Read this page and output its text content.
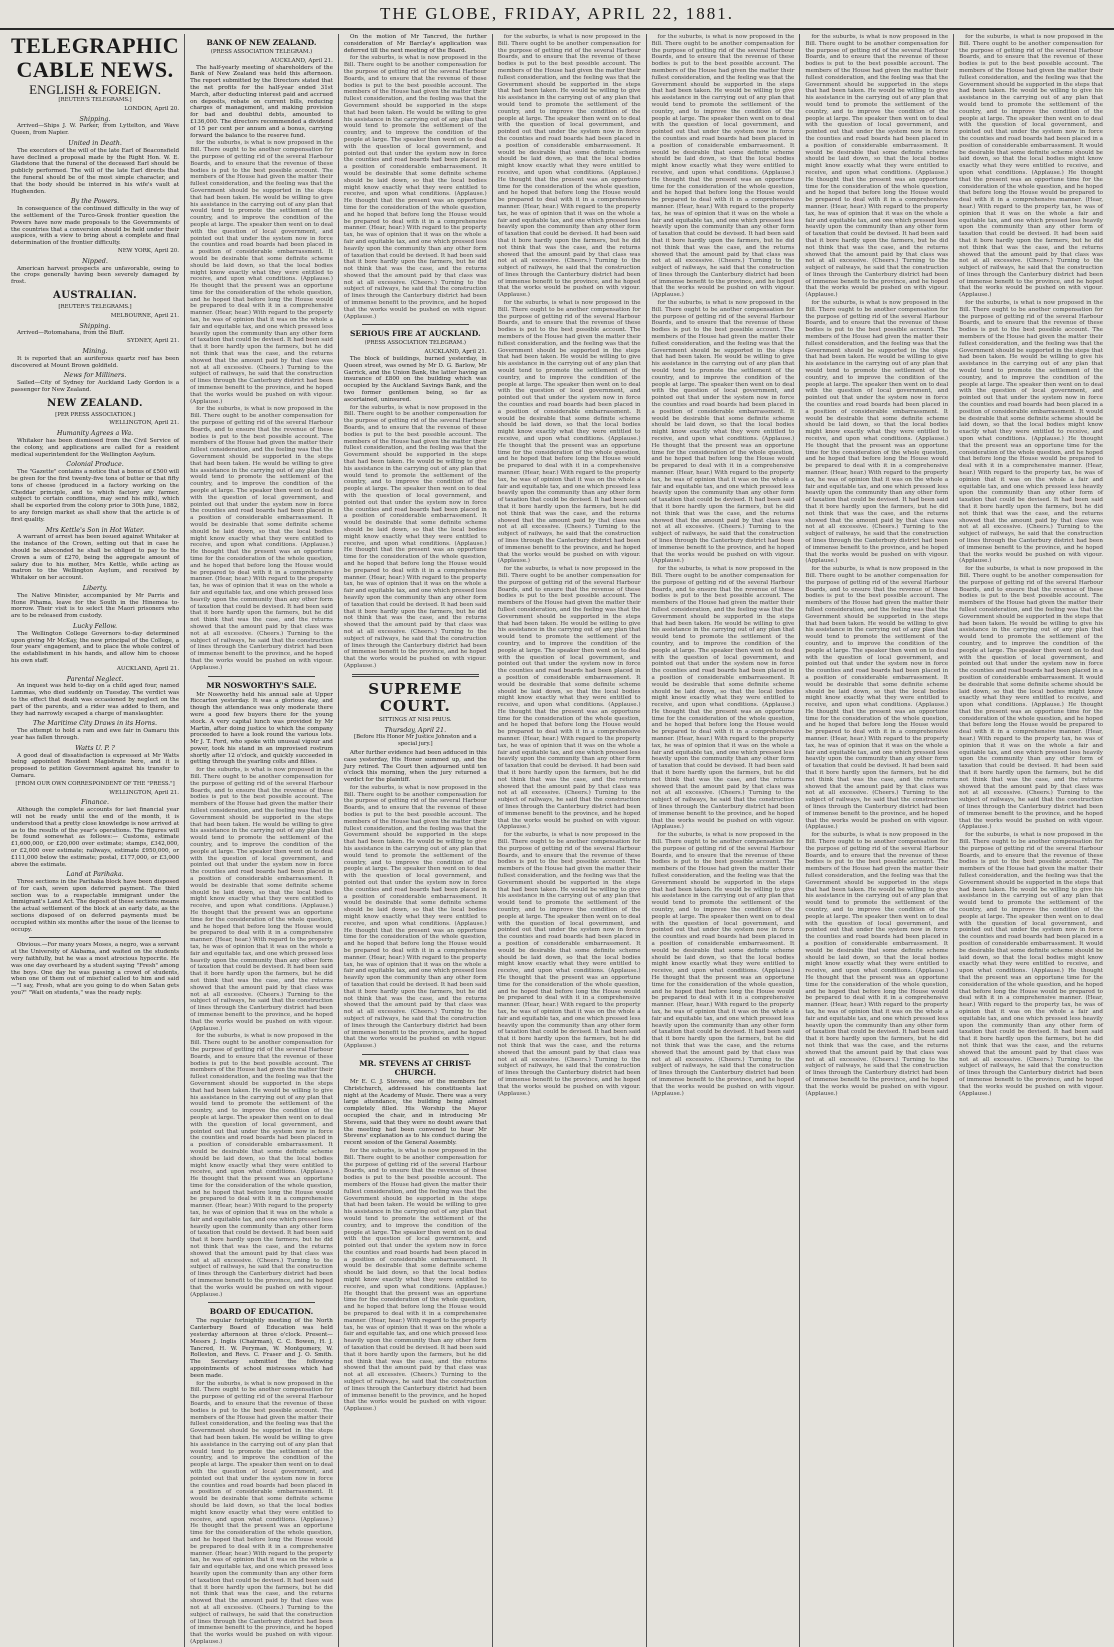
THE GLOBE, FRIDAY, APRIL 22, 1881.
TELEGRAPHIC
CABLE NEWS.
ENGLISH & FOREIGN.
[REUTER'S TELEGRAMS.]
LONDON, April 20.
Shipping.

Arrived—Ships J. W. Parker, from Lyttelton, and Wave Queen, from Napier.

United in Death.

The executors of the will of the late Earl of Beaconsfield have declined a proposal made by the Right Hon. W. E. Gladstone that the funeral of the deceased Earl should be publicly performed. The will of the late Earl directs that the funeral should be of the most simple character, and that the body should be interred in his wife's vault at Hughenden.

By the Powers.

In consequence of the continued difficulty in the way of the settlement of the Turco-Greek frontier question the Powers have now made proposals to the Governments of the countries that a conversion should be held under their auspices, with a view to bring about a complete and final determination of the frontier difficulty.

NEW YORK, April 20.
Nipped.

American harvest prospects are unfavorable, owing to the crops generally having been severely damaged by frost.

AUSTRALIAN.
[REUTER'S TELEGRAMS.]
MELBOURNE, April 21.
Shipping.

Arrived—Rotomahana, from the Bluff.

SYDNEY, April 21.
Mining.

It is reported that an auriferous quartz reef has been discovered at Mount Brown goldfield.

News for Milliners.

Sailed—City of Sydney for Auckland Lady Gordon is a passenger for New Zealand.

NEW ZEALAND.
[PER PRESS ASSOCIATION.]
WELLINGTON, April 21.
Humanity Agrees a Wa.

Whitaker has been dismissed from the Civil Service of the colony, and applications are called for a resident medical superintendent for the Wellington Asylum.

Colonial Produce.

The "Gazette" contains a notice that a bonus of £500 will be given for the first twenty-five tons of butter or that fifty tons of cheese (produced in a factory working on the Cheddar principle, and to which factory any farmer, subject to certain conditions, may send his milk), which shall be exported from the colony prior to 30th June, 1882, to any foreign market as shall show that the article is of first quality.

Mrs Kettle's Son in Hot Water.

A warrant of arrest has been issued against Whitaker at the instance of the Crown, setting out that in case he should be absconded he shall be obliged to pay to the Crown a sum of £270, being the aggregate amount of salary due to his mother, Mrs Kettle, while acting as matron to the Wellington Asylum, and received by Whitaker on her account.

Liberty.

The Native Minister, accompanied by Mr Parris and Hone Pihama, leave for the South in the Hinemoa to-morrow. Their visit is to select the Maori prisoners who are to be released from custody.

Lucky Fellow.

The Wellington College Governors to-day determined upon giving Mr McKay, the new principal of the College, a four years' engagement, and to place the whole control of the establishment in his hands, and allow him to choose his own staff.

AUCKLAND, April 21.
Parental Neglect.

An inquest was held to-day on a child aged four, named Lammas, who died suddenly on Tuesday. The verdict was to the effect that death was occasioned by neglect on the part of the parents, and a rider was added to them, and they had narrowly escaped a charge of manslaughter.

The Maritime City Draws in its Horns.

The attempt to hold a ram and ewe fair in Oamaru this year has fallen through.

Watts U. P. ?

A good deal of dissatisfaction is expressed at Mr Watts being appointed Resident Magistrate here, and it is proposed to petition Government against his transfer to Oamaru.

[FROM OUR OWN CORRESPONDENT OF THE "PRESS."]
WELLINGTON, April 21.
Finance.

Although the complete accounts for last financial year will not be ready until the end of the month, it is understood that a pretty close knowledge is now arrived at as to the results of the year's operations. The figures will be found somewhat as follows:— Customs, estimate £1,600,000, or £20,000 over estimate; stamps, £342,000, or £2,000 over estimate; railways, estimate £950,000, or £111,000 below the estimate; postal, £177,000, or £3,000 above the estimate.

Land at Parihaka.

Three sections in the Parihaka block have been disposed of for cash, seven upon deferred payment. The third section was to a respectable immigrant under the Immigrant's Land Act. The deposit of these sections means the actual settlement of the block at an early date, as the sections disposed of on deferred payments must be occupied within six months after the issue of the license to occupy.

Obvious.—For many years Moses, a negro, was a servant at the University of Alabama, and waited on the students very faithfully, but he was a most atrocious hypocrite. He was one day overheard by a student saying "Fresh" among the boys. One day he was passing a crowd of students, when one of them out of mischief called to him and said—"I say, Fresh, what are you going to do when Satan gets you?" "Wait on students," was the ready reply.

BANK OF NEW ZEALAND.
(PRESS ASSOCIATION TELEGRAM.)
AUCKLAND, April 21.

The half-yearly meeting of shareholders of the Bank of New Zealand was held this afternoon. The report submitted by the Directors stated that the net profits for the half-year ended 31st March, after deducting interest paid and accrued on deposits, rebate on current bills, reducing charges of management, and making provision for bad and doubtful debts, amounted to £136,000. The directors recommended a dividend of 15 per cent per annum and a bonus, carrying forward the balance to the reserve fund.

for the suburbs, is what is now proposed in the Bill. There ought to be another compensation for the purpose of getting rid of the several Harbour Boards, and to ensure that the revenue of these bodies is put to the best possible account. The members of the House had given the matter their fullest consideration, and the feeling was that the Government should be supported in the steps that had been taken. He would be willing to give his assistance in the carrying out of any plan that would tend to promote the settlement of the country, and to improve the condition of the people at large. The speaker then went on to deal with the question of local government, and pointed out that under the system now in force the counties and road boards had been placed in a position of considerable embarrassment. It would be desirable that some definite scheme should be laid down, so that the local bodies might know exactly what they were entitled to receive, and upon what conditions. (Applause.) He thought that the present was an opportune time for the consideration of the whole question, and he hoped that before long the House would be prepared to deal with it in a comprehensive manner. (Hear, hear.) With regard to the property tax, he was of opinion that it was on the whole a fair and equitable tax, and one which pressed less heavily upon the community than any other form of taxation that could be devised. It had been said that it bore hardly upon the farmers, but he did not think that was the case, and the returns showed that the amount paid by that class was not at all excessive. (Cheers.) Turning to the subject of railways, he said that the construction of lines through the Canterbury district had been of immense benefit to the province, and he hoped that the works would be pushed on with vigour. (Applause.)

for the suburbs, is what is now proposed in the Bill. There ought to be another compensation for the purpose of getting rid of the several Harbour Boards, and to ensure that the revenue of these bodies is put to the best possible account. The members of the House had given the matter their fullest consideration, and the feeling was that the Government should be supported in the steps that had been taken. He would be willing to give his assistance in the carrying out of any plan that would tend to promote the settlement of the country, and to improve the condition of the people at large. The speaker then went on to deal with the question of local government, and pointed out that under the system now in force the counties and road boards had been placed in a position of considerable embarrassment. It would be desirable that some definite scheme should be laid down, so that the local bodies might know exactly what they were entitled to receive, and upon what conditions. (Applause.) He thought that the present was an opportune time for the consideration of the whole question, and he hoped that before long the House would be prepared to deal with it in a comprehensive manner. (Hear, hear.) With regard to the property tax, he was of opinion that it was on the whole a fair and equitable tax, and one which pressed less heavily upon the community than any other form of taxation that could be devised. It had been said that it bore hardly upon the farmers, but he did not think that was the case, and the returns showed that the amount paid by that class was not at all excessive. (Cheers.) Turning to the subject of railways, he said that the construction of lines through the Canterbury district had been of immense benefit to the province, and he hoped that the works would be pushed on with vigour. (Applause.)

MR NOSWORTHY'S SALE.

Mr Nosworthy held his annual sale at Upper Riccarton yesterday. It was a glorious day, and though the attendance was only moderate there were a good few buyers there for the young stock. A very capital lunch was provided by Mr Martin, after doing justice to which the company proceeded to have a look round the various lots. Mr J. T. Ford, who spoke with unusual vigour and power, took his stand in an improvised rostrum shortly after 12 o'clock, and quickly succeeded in getting through the yearling colts and fillies.

for the suburbs, is what is now proposed in the Bill. There ought to be another compensation for the purpose of getting rid of the several Harbour Boards, and to ensure that the revenue of these bodies is put to the best possible account. The members of the House had given the matter their fullest consideration, and the feeling was that the Government should be supported in the steps that had been taken. He would be willing to give his assistance in the carrying out of any plan that would tend to promote the settlement of the country, and to improve the condition of the people at large. The speaker then went on to deal with the question of local government, and pointed out that under the system now in force the counties and road boards had been placed in a position of considerable embarrassment. It would be desirable that some definite scheme should be laid down, so that the local bodies might know exactly what they were entitled to receive, and upon what conditions. (Applause.) He thought that the present was an opportune time for the consideration of the whole question, and he hoped that before long the House would be prepared to deal with it in a comprehensive manner. (Hear, hear.) With regard to the property tax, he was of opinion that it was on the whole a fair and equitable tax, and one which pressed less heavily upon the community than any other form of taxation that could be devised. It had been said that it bore hardly upon the farmers, but he did not think that was the case, and the returns showed that the amount paid by that class was not at all excessive. (Cheers.) Turning to the subject of railways, he said that the construction of lines through the Canterbury district had been of immense benefit to the province, and he hoped that the works would be pushed on with vigour. (Applause.)

for the suburbs, is what is now proposed in the Bill. There ought to be another compensation for the purpose of getting rid of the several Harbour Boards, and to ensure that the revenue of these bodies is put to the best possible account. The members of the House had given the matter their fullest consideration, and the feeling was that the Government should be supported in the steps that had been taken. He would be willing to give his assistance in the carrying out of any plan that would tend to promote the settlement of the country, and to improve the condition of the people at large. The speaker then went on to deal with the question of local government, and pointed out that under the system now in force the counties and road boards had been placed in a position of considerable embarrassment. It would be desirable that some definite scheme should be laid down, so that the local bodies might know exactly what they were entitled to receive, and upon what conditions. (Applause.) He thought that the present was an opportune time for the consideration of the whole question, and he hoped that before long the House would be prepared to deal with it in a comprehensive manner. (Hear, hear.) With regard to the property tax, he was of opinion that it was on the whole a fair and equitable tax, and one which pressed less heavily upon the community than any other form of taxation that could be devised. It had been said that it bore hardly upon the farmers, but he did not think that was the case, and the returns showed that the amount paid by that class was not at all excessive. (Cheers.) Turning to the subject of railways, he said that the construction of lines through the Canterbury district had been of immense benefit to the province, and he hoped that the works would be pushed on with vigour. (Applause.)

BOARD OF EDUCATION.

The regular fortnightly meeting of the North Canterbury Board of Education was held yesterday afternoon at three o'clock. Present—Messrs J. Inglis (Chairman), C. C. Bowen, H. J. Tancred, H. W. Peryman, W. Montgomery, W. Rolleston, and Revs. C. Fraser and J. O. Smith. The Secretary submitted the following appointments of school mistresses which had been made.

for the suburbs, is what is now proposed in the Bill. There ought to be another compensation for the purpose of getting rid of the several Harbour Boards, and to ensure that the revenue of these bodies is put to the best possible account. The members of the House had given the matter their fullest consideration, and the feeling was that the Government should be supported in the steps that had been taken. He would be willing to give his assistance in the carrying out of any plan that would tend to promote the settlement of the country, and to improve the condition of the people at large. The speaker then went on to deal with the question of local government, and pointed out that under the system now in force the counties and road boards had been placed in a position of considerable embarrassment. It would be desirable that some definite scheme should be laid down, so that the local bodies might know exactly what they were entitled to receive, and upon what conditions. (Applause.) He thought that the present was an opportune time for the consideration of the whole question, and he hoped that before long the House would be prepared to deal with it in a comprehensive manner. (Hear, hear.) With regard to the property tax, he was of opinion that it was on the whole a fair and equitable tax, and one which pressed less heavily upon the community than any other form of taxation that could be devised. It had been said that it bore hardly upon the farmers, but he did not think that was the case, and the returns showed that the amount paid by that class was not at all excessive. (Cheers.) Turning to the subject of railways, he said that the construction of lines through the Canterbury district had been of immense benefit to the province, and he hoped that the works would be pushed on with vigour. (Applause.)

On the motion of Mr Tancred, the further consideration of Mr Barclay's application was deferred till the next meeting of the Board.

for the suburbs, is what is now proposed in the Bill. There ought to be another compensation for the purpose of getting rid of the several Harbour Boards, and to ensure that the revenue of these bodies is put to the best possible account. The members of the House had given the matter their fullest consideration, and the feeling was that the Government should be supported in the steps that had been taken. He would be willing to give his assistance in the carrying out of any plan that would tend to promote the settlement of the country, and to improve the condition of the people at large. The speaker then went on to deal with the question of local government, and pointed out that under the system now in force the counties and road boards had been placed in a position of considerable embarrassment. It would be desirable that some definite scheme should be laid down, so that the local bodies might know exactly what they were entitled to receive, and upon what conditions. (Applause.) He thought that the present was an opportune time for the consideration of the whole question, and he hoped that before long the House would be prepared to deal with it in a comprehensive manner. (Hear, hear.) With regard to the property tax, he was of opinion that it was on the whole a fair and equitable tax, and one which pressed less heavily upon the community than any other form of taxation that could be devised. It had been said that it bore hardly upon the farmers, but he did not think that was the case, and the returns showed that the amount paid by that class was not at all excessive. (Cheers.) Turning to the subject of railways, he said that the construction of lines through the Canterbury district had been of immense benefit to the province, and he hoped that the works would be pushed on with vigour. (Applause.)

SERIOUS FIRE AT AUCKLAND.
(PRESS ASSOCIATION TELEGRAM.)
AUCKLAND, April 21.

The block of buildings, burned yesterday, in Queen street, was owned by Mr D. G. Barlow, Mr Garrick, and the Union Bank, the latter having an insurance of £800 on the building which was occupied by the Auckland Savings Bank, and the two former gentlemen being, so far as ascertained, uninsured.

for the suburbs, is what is now proposed in the Bill. There ought to be another compensation for the purpose of getting rid of the several Harbour Boards, and to ensure that the revenue of these bodies is put to the best possible account. The members of the House had given the matter their fullest consideration, and the feeling was that the Government should be supported in the steps that had been taken. He would be willing to give his assistance in the carrying out of any plan that would tend to promote the settlement of the country, and to improve the condition of the people at large. The speaker then went on to deal with the question of local government, and pointed out that under the system now in force the counties and road boards had been placed in a position of considerable embarrassment. It would be desirable that some definite scheme should be laid down, so that the local bodies might know exactly what they were entitled to receive, and upon what conditions. (Applause.) He thought that the present was an opportune time for the consideration of the whole question, and he hoped that before long the House would be prepared to deal with it in a comprehensive manner. (Hear, hear.) With regard to the property tax, he was of opinion that it was on the whole a fair and equitable tax, and one which pressed less heavily upon the community than any other form of taxation that could be devised. It had been said that it bore hardly upon the farmers, but he did not think that was the case, and the returns showed that the amount paid by that class was not at all excessive. (Cheers.) Turning to the subject of railways, he said that the construction of lines through the Canterbury district had been of immense benefit to the province, and he hoped that the works would be pushed on with vigour. (Applause.)

SUPREME COURT.
SITTINGS AT NISI PRIUS.
Thursday, April 21.
[Before His Honor Mr Justice Johnston and a special jury.]

After further evidence had been adduced in this case yesterday, His Honor summed up, and the Jury retired. The Court then adjourned until ten o'clock this morning, when the jury returned a verdict for the plaintiff.

for the suburbs, is what is now proposed in the Bill. There ought to be another compensation for the purpose of getting rid of the several Harbour Boards, and to ensure that the revenue of these bodies is put to the best possible account. The members of the House had given the matter their fullest consideration, and the feeling was that the Government should be supported in the steps that had been taken. He would be willing to give his assistance in the carrying out of any plan that would tend to promote the settlement of the country, and to improve the condition of the people at large. The speaker then went on to deal with the question of local government, and pointed out that under the system now in force the counties and road boards had been placed in a position of considerable embarrassment. It would be desirable that some definite scheme should be laid down, so that the local bodies might know exactly what they were entitled to receive, and upon what conditions. (Applause.) He thought that the present was an opportune time for the consideration of the whole question, and he hoped that before long the House would be prepared to deal with it in a comprehensive manner. (Hear, hear.) With regard to the property tax, he was of opinion that it was on the whole a fair and equitable tax, and one which pressed less heavily upon the community than any other form of taxation that could be devised. It had been said that it bore hardly upon the farmers, but he did not think that was the case, and the returns showed that the amount paid by that class was not at all excessive. (Cheers.) Turning to the subject of railways, he said that the construction of lines through the Canterbury district had been of immense benefit to the province, and he hoped that the works would be pushed on with vigour. (Applause.)

MR. STEVENS AT CHRIST-CHURCH.

Mr E. C. J. Stevens, one of the members for Christchurch, addressed his constituents last night at the Academy of Music. There was a very large attendance, the building being almost completely filled. His Worship the Mayor occupied the chair, and in introducing Mr Stevens, said that they were no doubt aware that the meeting had been convened to hear Mr Stevens' explanation as to his conduct during the recent session of the General Assembly.

for the suburbs, is what is now proposed in the Bill. There ought to be another compensation for the purpose of getting rid of the several Harbour Boards, and to ensure that the revenue of these bodies is put to the best possible account. The members of the House had given the matter their fullest consideration, and the feeling was that the Government should be supported in the steps that had been taken. He would be willing to give his assistance in the carrying out of any plan that would tend to promote the settlement of the country, and to improve the condition of the people at large. The speaker then went on to deal with the question of local government, and pointed out that under the system now in force the counties and road boards had been placed in a position of considerable embarrassment. It would be desirable that some definite scheme should be laid down, so that the local bodies might know exactly what they were entitled to receive, and upon what conditions. (Applause.) He thought that the present was an opportune time for the consideration of the whole question, and he hoped that before long the House would be prepared to deal with it in a comprehensive manner. (Hear, hear.) With regard to the property tax, he was of opinion that it was on the whole a fair and equitable tax, and one which pressed less heavily upon the community than any other form of taxation that could be devised. It had been said that it bore hardly upon the farmers, but he did not think that was the case, and the returns showed that the amount paid by that class was not at all excessive. (Cheers.) Turning to the subject of railways, he said that the construction of lines through the Canterbury district had been of immense benefit to the province, and he hoped that the works would be pushed on with vigour. (Applause.)

for the suburbs, is what is now proposed in the Bill. There ought to be another compensation for the purpose of getting rid of the several Harbour Boards, and to ensure that the revenue of these bodies is put to the best possible account. The members of the House had given the matter their fullest consideration, and the feeling was that the Government should be supported in the steps that had been taken. He would be willing to give his assistance in the carrying out of any plan that would tend to promote the settlement of the country, and to improve the condition of the people at large. The speaker then went on to deal with the question of local government, and pointed out that under the system now in force the counties and road boards had been placed in a position of considerable embarrassment. It would be desirable that some definite scheme should be laid down, so that the local bodies might know exactly what they were entitled to receive, and upon what conditions. (Applause.) He thought that the present was an opportune time for the consideration of the whole question, and he hoped that before long the House would be prepared to deal with it in a comprehensive manner. (Hear, hear.) With regard to the property tax, he was of opinion that it was on the whole a fair and equitable tax, and one which pressed less heavily upon the community than any other form of taxation that could be devised. It had been said that it bore hardly upon the farmers, but he did not think that was the case, and the returns showed that the amount paid by that class was not at all excessive. (Cheers.) Turning to the subject of railways, he said that the construction of lines through the Canterbury district had been of immense benefit to the province, and he hoped that the works would be pushed on with vigour. (Applause.)

for the suburbs, is what is now proposed in the Bill. There ought to be another compensation for the purpose of getting rid of the several Harbour Boards, and to ensure that the revenue of these bodies is put to the best possible account. The members of the House had given the matter their fullest consideration, and the feeling was that the Government should be supported in the steps that had been taken. He would be willing to give his assistance in the carrying out of any plan that would tend to promote the settlement of the country, and to improve the condition of the people at large. The speaker then went on to deal with the question of local government, and pointed out that under the system now in force the counties and road boards had been placed in a position of considerable embarrassment. It would be desirable that some definite scheme should be laid down, so that the local bodies might know exactly what they were entitled to receive, and upon what conditions. (Applause.) He thought that the present was an opportune time for the consideration of the whole question, and he hoped that before long the House would be prepared to deal with it in a comprehensive manner. (Hear, hear.) With regard to the property tax, he was of opinion that it was on the whole a fair and equitable tax, and one which pressed less heavily upon the community than any other form of taxation that could be devised. It had been said that it bore hardly upon the farmers, but he did not think that was the case, and the returns showed that the amount paid by that class was not at all excessive. (Cheers.) Turning to the subject of railways, he said that the construction of lines through the Canterbury district had been of immense benefit to the province, and he hoped that the works would be pushed on with vigour. (Applause.)

for the suburbs, is what is now proposed in the Bill. There ought to be another compensation for the purpose of getting rid of the several Harbour Boards, and to ensure that the revenue of these bodies is put to the best possible account. The members of the House had given the matter their fullest consideration, and the feeling was that the Government should be supported in the steps that had been taken. He would be willing to give his assistance in the carrying out of any plan that would tend to promote the settlement of the country, and to improve the condition of the people at large. The speaker then went on to deal with the question of local government, and pointed out that under the system now in force the counties and road boards had been placed in a position of considerable embarrassment. It would be desirable that some definite scheme should be laid down, so that the local bodies might know exactly what they were entitled to receive, and upon what conditions. (Applause.) He thought that the present was an opportune time for the consideration of the whole question, and he hoped that before long the House would be prepared to deal with it in a comprehensive manner. (Hear, hear.) With regard to the property tax, he was of opinion that it was on the whole a fair and equitable tax, and one which pressed less heavily upon the community than any other form of taxation that could be devised. It had been said that it bore hardly upon the farmers, but he did not think that was the case, and the returns showed that the amount paid by that class was not at all excessive. (Cheers.) Turning to the subject of railways, he said that the construction of lines through the Canterbury district had been of immense benefit to the province, and he hoped that the works would be pushed on with vigour. (Applause.)

for the suburbs, is what is now proposed in the Bill. There ought to be another compensation for the purpose of getting rid of the several Harbour Boards, and to ensure that the revenue of these bodies is put to the best possible account. The members of the House had given the matter their fullest consideration, and the feeling was that the Government should be supported in the steps that had been taken. He would be willing to give his assistance in the carrying out of any plan that would tend to promote the settlement of the country, and to improve the condition of the people at large. The speaker then went on to deal with the question of local government, and pointed out that under the system now in force the counties and road boards had been placed in a position of considerable embarrassment. It would be desirable that some definite scheme should be laid down, so that the local bodies might know exactly what they were entitled to receive, and upon what conditions. (Applause.) He thought that the present was an opportune time for the consideration of the whole question, and he hoped that before long the House would be prepared to deal with it in a comprehensive manner. (Hear, hear.) With regard to the property tax, he was of opinion that it was on the whole a fair and equitable tax, and one which pressed less heavily upon the community than any other form of taxation that could be devised. It had been said that it bore hardly upon the farmers, but he did not think that was the case, and the returns showed that the amount paid by that class was not at all excessive. (Cheers.) Turning to the subject of railways, he said that the construction of lines through the Canterbury district had been of immense benefit to the province, and he hoped that the works would be pushed on with vigour. (Applause.)

for the suburbs, is what is now proposed in the Bill. There ought to be another compensation for the purpose of getting rid of the several Harbour Boards, and to ensure that the revenue of these bodies is put to the best possible account. The members of the House had given the matter their fullest consideration, and the feeling was that the Government should be supported in the steps that had been taken. He would be willing to give his assistance in the carrying out of any plan that would tend to promote the settlement of the country, and to improve the condition of the people at large. The speaker then went on to deal with the question of local government, and pointed out that under the system now in force the counties and road boards had been placed in a position of considerable embarrassment. It would be desirable that some definite scheme should be laid down, so that the local bodies might know exactly what they were entitled to receive, and upon what conditions. (Applause.) He thought that the present was an opportune time for the consideration of the whole question, and he hoped that before long the House would be prepared to deal with it in a comprehensive manner. (Hear, hear.) With regard to the property tax, he was of opinion that it was on the whole a fair and equitable tax, and one which pressed less heavily upon the community than any other form of taxation that could be devised. It had been said that it bore hardly upon the farmers, but he did not think that was the case, and the returns showed that the amount paid by that class was not at all excessive. (Cheers.) Turning to the subject of railways, he said that the construction of lines through the Canterbury district had been of immense benefit to the province, and he hoped that the works would be pushed on with vigour. (Applause.)

for the suburbs, is what is now proposed in the Bill. There ought to be another compensation for the purpose of getting rid of the several Harbour Boards, and to ensure that the revenue of these bodies is put to the best possible account. The members of the House had given the matter their fullest consideration, and the feeling was that the Government should be supported in the steps that had been taken. He would be willing to give his assistance in the carrying out of any plan that would tend to promote the settlement of the country, and to improve the condition of the people at large. The speaker then went on to deal with the question of local government, and pointed out that under the system now in force the counties and road boards had been placed in a position of considerable embarrassment. It would be desirable that some definite scheme should be laid down, so that the local bodies might know exactly what they were entitled to receive, and upon what conditions. (Applause.) He thought that the present was an opportune time for the consideration of the whole question, and he hoped that before long the House would be prepared to deal with it in a comprehensive manner. (Hear, hear.) With regard to the property tax, he was of opinion that it was on the whole a fair and equitable tax, and one which pressed less heavily upon the community than any other form of taxation that could be devised. It had been said that it bore hardly upon the farmers, but he did not think that was the case, and the returns showed that the amount paid by that class was not at all excessive. (Cheers.) Turning to the subject of railways, he said that the construction of lines through the Canterbury district had been of immense benefit to the province, and he hoped that the works would be pushed on with vigour. (Applause.)

for the suburbs, is what is now proposed in the Bill. There ought to be another compensation for the purpose of getting rid of the several Harbour Boards, and to ensure that the revenue of these bodies is put to the best possible account. The members of the House had given the matter their fullest consideration, and the feeling was that the Government should be supported in the steps that had been taken. He would be willing to give his assistance in the carrying out of any plan that would tend to promote the settlement of the country, and to improve the condition of the people at large. The speaker then went on to deal with the question of local government, and pointed out that under the system now in force the counties and road boards had been placed in a position of considerable embarrassment. It would be desirable that some definite scheme should be laid down, so that the local bodies might know exactly what they were entitled to receive, and upon what conditions. (Applause.) He thought that the present was an opportune time for the consideration of the whole question, and he hoped that before long the House would be prepared to deal with it in a comprehensive manner. (Hear, hear.) With regard to the property tax, he was of opinion that it was on the whole a fair and equitable tax, and one which pressed less heavily upon the community than any other form of taxation that could be devised. It had been said that it bore hardly upon the farmers, but he did not think that was the case, and the returns showed that the amount paid by that class was not at all excessive. (Cheers.) Turning to the subject of railways, he said that the construction of lines through the Canterbury district had been of immense benefit to the province, and he hoped that the works would be pushed on with vigour. (Applause.)

for the suburbs, is what is now proposed in the Bill. There ought to be another compensation for the purpose of getting rid of the several Harbour Boards, and to ensure that the revenue of these bodies is put to the best possible account. The members of the House had given the matter their fullest consideration, and the feeling was that the Government should be supported in the steps that had been taken. He would be willing to give his assistance in the carrying out of any plan that would tend to promote the settlement of the country, and to improve the condition of the people at large. The speaker then went on to deal with the question of local government, and pointed out that under the system now in force the counties and road boards had been placed in a position of considerable embarrassment. It would be desirable that some definite scheme should be laid down, so that the local bodies might know exactly what they were entitled to receive, and upon what conditions. (Applause.) He thought that the present was an opportune time for the consideration of the whole question, and he hoped that before long the House would be prepared to deal with it in a comprehensive manner. (Hear, hear.) With regard to the property tax, he was of opinion that it was on the whole a fair and equitable tax, and one which pressed less heavily upon the community than any other form of taxation that could be devised. It had been said that it bore hardly upon the farmers, but he did not think that was the case, and the returns showed that the amount paid by that class was not at all excessive. (Cheers.) Turning to the subject of railways, he said that the construction of lines through the Canterbury district had been of immense benefit to the province, and he hoped that the works would be pushed on with vigour. (Applause.)

for the suburbs, is what is now proposed in the Bill. There ought to be another compensation for the purpose of getting rid of the several Harbour Boards, and to ensure that the revenue of these bodies is put to the best possible account. The members of the House had given the matter their fullest consideration, and the feeling was that the Government should be supported in the steps that had been taken. He would be willing to give his assistance in the carrying out of any plan that would tend to promote the settlement of the country, and to improve the condition of the people at large. The speaker then went on to deal with the question of local government, and pointed out that under the system now in force the counties and road boards had been placed in a position of considerable embarrassment. It would be desirable that some definite scheme should be laid down, so that the local bodies might know exactly what they were entitled to receive, and upon what conditions. (Applause.) He thought that the present was an opportune time for the consideration of the whole question, and he hoped that before long the House would be prepared to deal with it in a comprehensive manner. (Hear, hear.) With regard to the property tax, he was of opinion that it was on the whole a fair and equitable tax, and one which pressed less heavily upon the community than any other form of taxation that could be devised. It had been said that it bore hardly upon the farmers, but he did not think that was the case, and the returns showed that the amount paid by that class was not at all excessive. (Cheers.) Turning to the subject of railways, he said that the construction of lines through the Canterbury district had been of immense benefit to the province, and he hoped that the works would be pushed on with vigour. (Applause.)

for the suburbs, is what is now proposed in the Bill. There ought to be another compensation for the purpose of getting rid of the several Harbour Boards, and to ensure that the revenue of these bodies is put to the best possible account. The members of the House had given the matter their fullest consideration, and the feeling was that the Government should be supported in the steps that had been taken. He would be willing to give his assistance in the carrying out of any plan that would tend to promote the settlement of the country, and to improve the condition of the people at large. The speaker then went on to deal with the question of local government, and pointed out that under the system now in force the counties and road boards had been placed in a position of considerable embarrassment. It would be desirable that some definite scheme should be laid down, so that the local bodies might know exactly what they were entitled to receive, and upon what conditions. (Applause.) He thought that the present was an opportune time for the consideration of the whole question, and he hoped that before long the House would be prepared to deal with it in a comprehensive manner. (Hear, hear.) With regard to the property tax, he was of opinion that it was on the whole a fair and equitable tax, and one which pressed less heavily upon the community than any other form of taxation that could be devised. It had been said that it bore hardly upon the farmers, but he did not think that was the case, and the returns showed that the amount paid by that class was not at all excessive. (Cheers.) Turning to the subject of railways, he said that the construction of lines through the Canterbury district had been of immense benefit to the province, and he hoped that the works would be pushed on with vigour. (Applause.)

for the suburbs, is what is now proposed in the Bill. There ought to be another compensation for the purpose of getting rid of the several Harbour Boards, and to ensure that the revenue of these bodies is put to the best possible account. The members of the House had given the matter their fullest consideration, and the feeling was that the Government should be supported in the steps that had been taken. He would be willing to give his assistance in the carrying out of any plan that would tend to promote the settlement of the country, and to improve the condition of the people at large. The speaker then went on to deal with the question of local government, and pointed out that under the system now in force the counties and road boards had been placed in a position of considerable embarrassment. It would be desirable that some definite scheme should be laid down, so that the local bodies might know exactly what they were entitled to receive, and upon what conditions. (Applause.) He thought that the present was an opportune time for the consideration of the whole question, and he hoped that before long the House would be prepared to deal with it in a comprehensive manner. (Hear, hear.) With regard to the property tax, he was of opinion that it was on the whole a fair and equitable tax, and one which pressed less heavily upon the community than any other form of taxation that could be devised. It had been said that it bore hardly upon the farmers, but he did not think that was the case, and the returns showed that the amount paid by that class was not at all excessive. (Cheers.) Turning to the subject of railways, he said that the construction of lines through the Canterbury district had been of immense benefit to the province, and he hoped that the works would be pushed on with vigour. (Applause.)

for the suburbs, is what is now proposed in the Bill. There ought to be another compensation for the purpose of getting rid of the several Harbour Boards, and to ensure that the revenue of these bodies is put to the best possible account. The members of the House had given the matter their fullest consideration, and the feeling was that the Government should be supported in the steps that had been taken. He would be willing to give his assistance in the carrying out of any plan that would tend to promote the settlement of the country, and to improve the condition of the people at large. The speaker then went on to deal with the question of local government, and pointed out that under the system now in force the counties and road boards had been placed in a position of considerable embarrassment. It would be desirable that some definite scheme should be laid down, so that the local bodies might know exactly what they were entitled to receive, and upon what conditions. (Applause.) He thought that the present was an opportune time for the consideration of the whole question, and he hoped that before long the House would be prepared to deal with it in a comprehensive manner. (Hear, hear.) With regard to the property tax, he was of opinion that it was on the whole a fair and equitable tax, and one which pressed less heavily upon the community than any other form of taxation that could be devised. It had been said that it bore hardly upon the farmers, but he did not think that was the case, and the returns showed that the amount paid by that class was not at all excessive. (Cheers.) Turning to the subject of railways, he said that the construction of lines through the Canterbury district had been of immense benefit to the province, and he hoped that the works would be pushed on with vigour. (Applause.)

for the suburbs, is what is now proposed in the Bill. There ought to be another compensation for the purpose of getting rid of the several Harbour Boards, and to ensure that the revenue of these bodies is put to the best possible account. The members of the House had given the matter their fullest consideration, and the feeling was that the Government should be supported in the steps that had been taken. He would be willing to give his assistance in the carrying out of any plan that would tend to promote the settlement of the country, and to improve the condition of the people at large. The speaker then went on to deal with the question of local government, and pointed out that under the system now in force the counties and road boards had been placed in a position of considerable embarrassment. It would be desirable that some definite scheme should be laid down, so that the local bodies might know exactly what they were entitled to receive, and upon what conditions. (Applause.) He thought that the present was an opportune time for the consideration of the whole question, and he hoped that before long the House would be prepared to deal with it in a comprehensive manner. (Hear, hear.) With regard to the property tax, he was of opinion that it was on the whole a fair and equitable tax, and one which pressed less heavily upon the community than any other form of taxation that could be devised. It had been said that it bore hardly upon the farmers, but he did not think that was the case, and the returns showed that the amount paid by that class was not at all excessive. (Cheers.) Turning to the subject of railways, he said that the construction of lines through the Canterbury district had been of immense benefit to the province, and he hoped that the works would be pushed on with vigour. (Applause.)

for the suburbs, is what is now proposed in the Bill. There ought to be another compensation for the purpose of getting rid of the several Harbour Boards, and to ensure that the revenue of these bodies is put to the best possible account. The members of the House had given the matter their fullest consideration, and the feeling was that the Government should be supported in the steps that had been taken. He would be willing to give his assistance in the carrying out of any plan that would tend to promote the settlement of the country, and to improve the condition of the people at large. The speaker then went on to deal with the question of local government, and pointed out that under the system now in force the counties and road boards had been placed in a position of considerable embarrassment. It would be desirable that some definite scheme should be laid down, so that the local bodies might know exactly what they were entitled to receive, and upon what conditions. (Applause.) He thought that the present was an opportune time for the consideration of the whole question, and he hoped that before long the House would be prepared to deal with it in a comprehensive manner. (Hear, hear.) With regard to the property tax, he was of opinion that it was on the whole a fair and equitable tax, and one which pressed less heavily upon the community than any other form of taxation that could be devised. It had been said that it bore hardly upon the farmers, but he did not think that was the case, and the returns showed that the amount paid by that class was not at all excessive. (Cheers.) Turning to the subject of railways, he said that the construction of lines through the Canterbury district had been of immense benefit to the province, and he hoped that the works would be pushed on with vigour. (Applause.)

for the suburbs, is what is now proposed in the Bill. There ought to be another compensation for the purpose of getting rid of the several Harbour Boards, and to ensure that the revenue of these bodies is put to the best possible account. The members of the House had given the matter their fullest consideration, and the feeling was that the Government should be supported in the steps that had been taken. He would be willing to give his assistance in the carrying out of any plan that would tend to promote the settlement of the country, and to improve the condition of the people at large. The speaker then went on to deal with the question of local government, and pointed out that under the system now in force the counties and road boards had been placed in a position of considerable embarrassment. It would be desirable that some definite scheme should be laid down, so that the local bodies might know exactly what they were entitled to receive, and upon what conditions. (Applause.) He thought that the present was an opportune time for the consideration of the whole question, and he hoped that before long the House would be prepared to deal with it in a comprehensive manner. (Hear, hear.) With regard to the property tax, he was of opinion that it was on the whole a fair and equitable tax, and one which pressed less heavily upon the community than any other form of taxation that could be devised. It had been said that it bore hardly upon the farmers, but he did not think that was the case, and the returns showed that the amount paid by that class was not at all excessive. (Cheers.) Turning to the subject of railways, he said that the construction of lines through the Canterbury district had been of immense benefit to the province, and he hoped that the works would be pushed on with vigour. (Applause.)

for the suburbs, is what is now proposed in the Bill. There ought to be another compensation for the purpose of getting rid of the several Harbour Boards, and to ensure that the revenue of these bodies is put to the best possible account. The members of the House had given the matter their fullest consideration, and the feeling was that the Government should be supported in the steps that had been taken. He would be willing to give his assistance in the carrying out of any plan that would tend to promote the settlement of the country, and to improve the condition of the people at large. The speaker then went on to deal with the question of local government, and pointed out that under the system now in force the counties and road boards had been placed in a position of considerable embarrassment. It would be desirable that some definite scheme should be laid down, so that the local bodies might know exactly what they were entitled to receive, and upon what conditions. (Applause.) He thought that the present was an opportune time for the consideration of the whole question, and he hoped that before long the House would be prepared to deal with it in a comprehensive manner. (Hear, hear.) With regard to the property tax, he was of opinion that it was on the whole a fair and equitable tax, and one which pressed less heavily upon the community than any other form of taxation that could be devised. It had been said that it bore hardly upon the farmers, but he did not think that was the case, and the returns showed that the amount paid by that class was not at all excessive. (Cheers.) Turning to the subject of railways, he said that the construction of lines through the Canterbury district had been of immense benefit to the province, and he hoped that the works would be pushed on with vigour. (Applause.)
